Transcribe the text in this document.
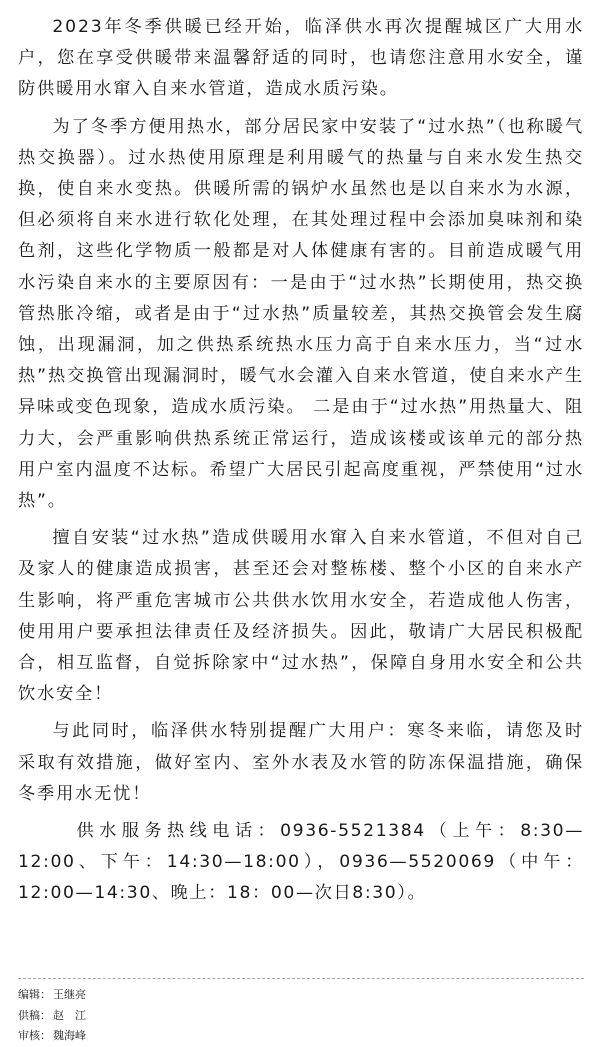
2023年冬季供暖已经开始，临泽供水再次提醒城区广大用水户，您在享受供暖带来温馨舒适的同时，也请您注意用水安全，谨防供暖用水窜入自来水管道，造成水质污染。

为了冬季方便用热水，部分居民家中安装了“过水热”（也称暖气热交换器）。过水热使用原理是利用暖气的热量与自来水发生热交换，使自来水变热。供暖所需的锅炉水虽然也是以自来水为水源，但必须将自来水进行软化处理，在其处理过程中会添加臭味剂和染色剂，这些化学物质一般都是对人体健康有害的。目前造成暖气用水污染自来水的主要原因有：一是由于“过水热”长期使用，热交换管热胀冷缩，或者是由于“过水热”质量较差，其热交换管会发生腐蚀，出现漏洞，加之供热系统热水压力高于自来水压力，当“过水热”热交换管出现漏洞时，暖气水会灌入自来水管道，使自来水产生异味或变色现象，造成水质污染。 二是由于“过水热”用热量大、阻力大，会严重影响供热系统正常运行，造成该楼或该单元的部分热用户室内温度不达标。希望广大居民引起高度重视，严禁使用“过水热”。

擅自安装“过水热”造成供暖用水窜入自来水管道，不但对自己及家人的健康造成损害，甚至还会对整栋楼、整个小区的自来水产生影响，将严重危害城市公共供水饮用水安全，若造成他人伤害，使用用户要承担法律责任及经济损失。因此，敬请广大居民积极配合，相互监督，自觉拆除家中“过水热”，保障自身用水安全和公共饮水安全！

与此同时，临泽供水特别提醒广大用户：寒冬来临，请您及时采取有效措施，做好室内、室外水表及水管的防冻保温措施，确保冬季用水无忧！

供水服务热线电话：0936-5521384（上午：8:30—12:00、下午：14:30—18:00），0936—5520069（中午：12:00—14:30、晚上：18：00—次日8:30）。

编辑： 王继亮
供稿： 赵　江
审核： 魏海峰
